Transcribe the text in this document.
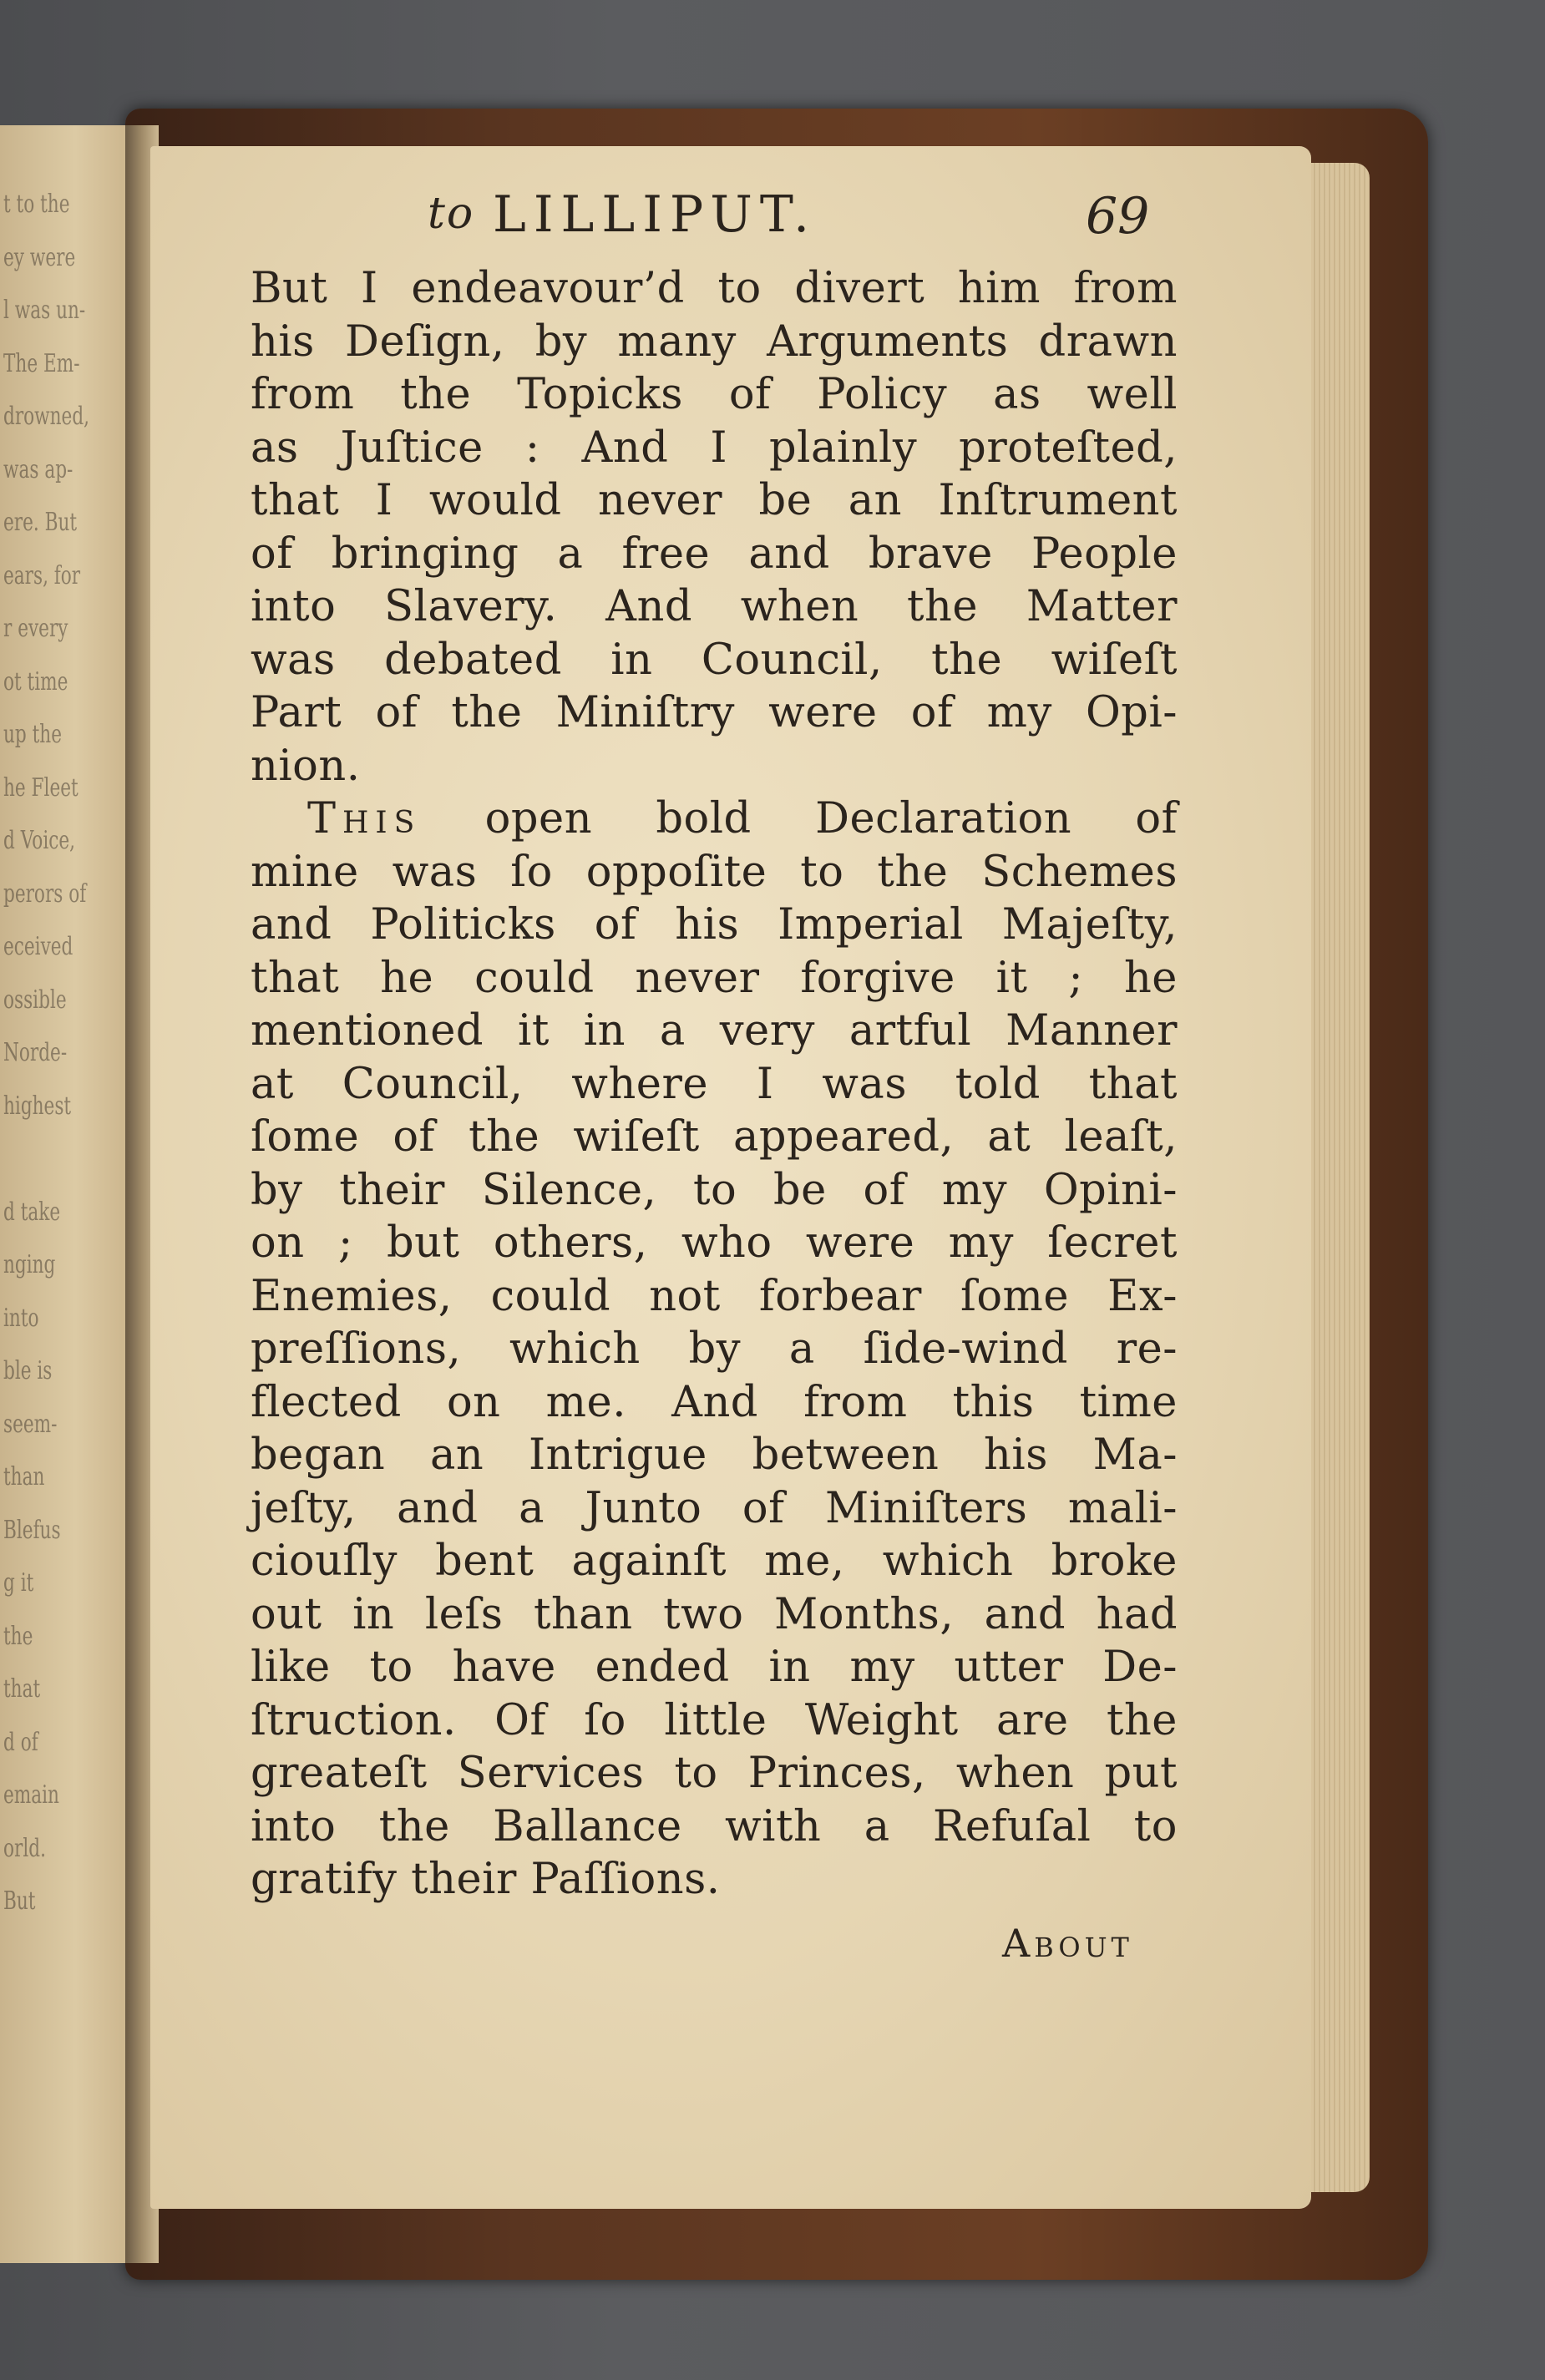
t to the
ey were
l was un-
The Em-
drowned,
was ap-
ere. But
ears, for
r every
ot time
up the
he Fleet
d Voice,
perors of
eceived
ossible
Norde-
highest
d take
nging
into
ble is
seem-
than
Blefus
g it
the
that
d of
emain
orld.
But
to LILLIPUT.	69
But I endeavour’d to divert him from
his Deſign, by many Arguments drawn
from the Topicks of Policy as well
as Juſtice : And I plainly proteſted,
that I would never be an Inſtrument
of bringing a free and brave People
into Slavery. And when the Matter
was debated in Council, the wiſeſt
Part of the Miniſtry were of my Opi-
nion.
This open bold Declaration of
mine was ſo oppoſite to the Schemes
and Politicks of his Imperial Majeſty,
that he could never forgive it ; he
mentioned it in a very artful Manner
at Council, where I was told that
ſome of the wiſeſt appeared, at leaſt,
by their Silence, to be of my Opini-
on ; but others, who were my ſecret
Enemies, could not forbear ſome Ex-
preſſions, which by a ſide-wind re-
flected on me. And from this time
began an Intrigue between his Ma-
jeſty, and a Junto of Miniſters mali-
ciouſly bent againſt me, which broke
out in leſs than two Months, and had
like to have ended in my utter De-
ſtruction. Of ſo little Weight are the
greateſt Services to Princes, when put
into the Ballance with a Refuſal to
gratify their Paſſions.
About
